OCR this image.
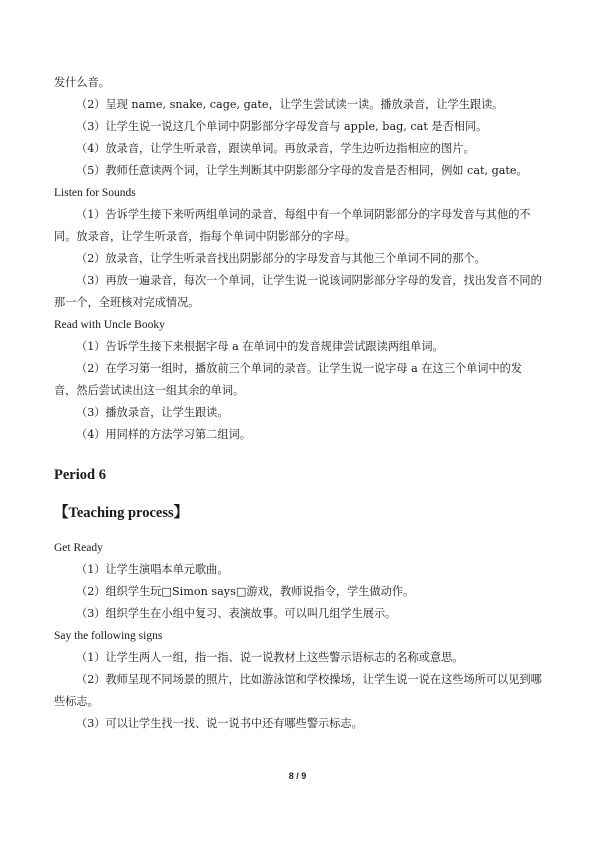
发什么音。

（2）呈现 name, snake, cage, gate，让学生尝试读一读。播放录音，让学生跟读。

（3）让学生说一说这几个单词中阴影部分字母发音与 apple, bag, cat 是否相同。

（4）放录音，让学生听录音，跟读单词。再放录音，学生边听边指相应的图片。

（5）教师任意读两个词，让学生判断其中阴影部分字母的发音是否相同，例如 cat, gate。

Listen for Sounds

（1）告诉学生接下来听两组单词的录音，每组中有一个单词阴影部分的字母发音与其他的不同。放录音，让学生听录音，指每个单词中阴影部分的字母。

（2）放录音，让学生听录音找出阴影部分的字母发音与其他三个单词不同的那个。

（3）再放一遍录音，每次一个单词，让学生说一说该词阴影部分字母的发音，找出发音不同的那一个，全班核对完成情况。

Read with Uncle Booky

（1）告诉学生接下来根据字母 a 在单词中的发音规律尝试跟读两组单词。

（2）在学习第一组时，播放前三个单词的录音。让学生说一说字母 a 在这三个单词中的发音，然后尝试读出这一组其余的单词。

（3）播放录音，让学生跟读。

（4）用同样的方法学习第二组词。

Period 6

【Teaching process】

Get Ready

（1）让学生演唱本单元歌曲。

（2）组织学生玩□Simon says□游戏，教师说指令，学生做动作。

（3）组织学生在小组中复习、表演故事。可以叫几组学生展示。

Say the following signs

（1）让学生两人一组，指一指、说一说教材上这些警示语标志的名称或意思。

（2）教师呈现不同场景的照片，比如游泳馆和学校操场，让学生说一说在这些场所可以见到哪些标志。

（3）可以让学生找一找、说一说书中还有哪些警示标志。

8 / 9
